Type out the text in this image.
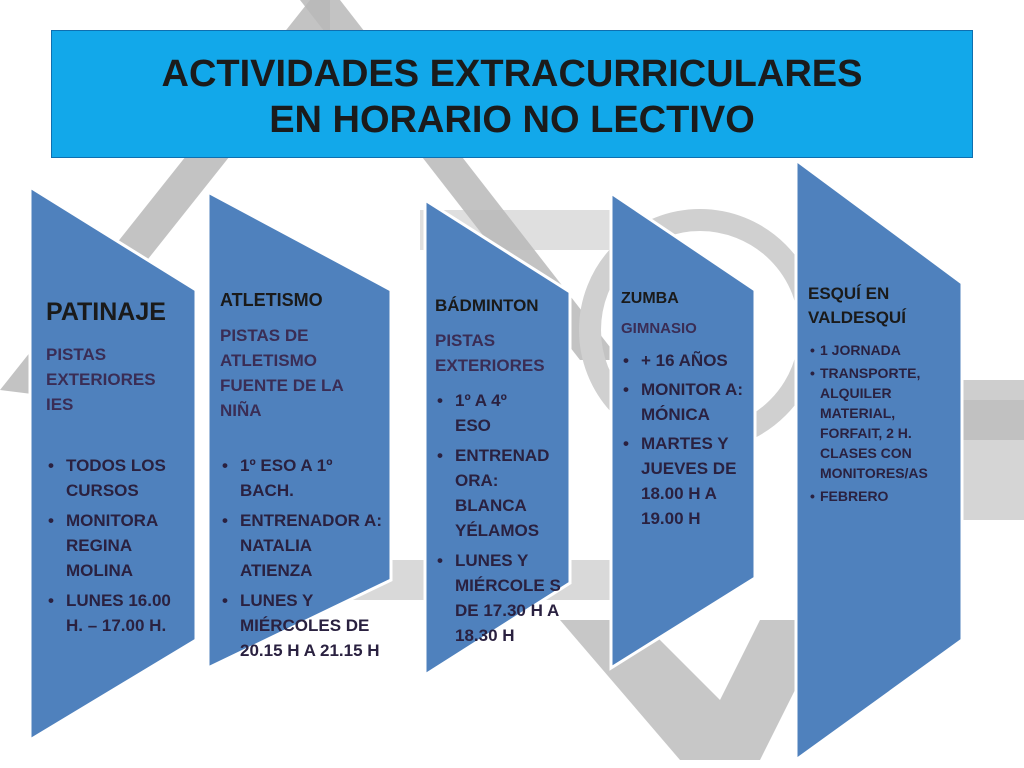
ACTIVIDADES EXTRACURRICULARES
EN HORARIO NO LECTIVO
PATINAJE
PISTAS EXTERIORES IES
• TODOS LOS CURSOS
• MONITORA REGINA MOLINA
• LUNES 16.00 H. – 17.00 H.
ATLETISMO
PISTAS DE ATLETISMO FUENTE DE LA NIÑA
• 1º ESO A 1º BACH.
• ENTRENADOR A: NATALIA ATIENZA
• LUNES Y MIÉRCOLES DE 20.15 H A 21.15 H
BÁDMINTON
PISTAS EXTERIORES
• 1º A 4º ESO
• ENTRENAD ORA: BLANCA YÉLAMOS
• LUNES Y MIÉRCOLE S DE 17.30 H A 18.30 H
ZUMBA
GIMNASIO
• + 16 AÑOS
• MONITOR A: MÓNICA
• MARTES Y JUEVES DE 18.00 H A 19.00 H
ESQUÍ EN VALDESQUÍ
• 1 JORNADA
• TRANSPORTE, ALQUILER MATERIAL, FORFAIT, 2 H. CLASES CON MONITORES/AS
• FEBRERO
